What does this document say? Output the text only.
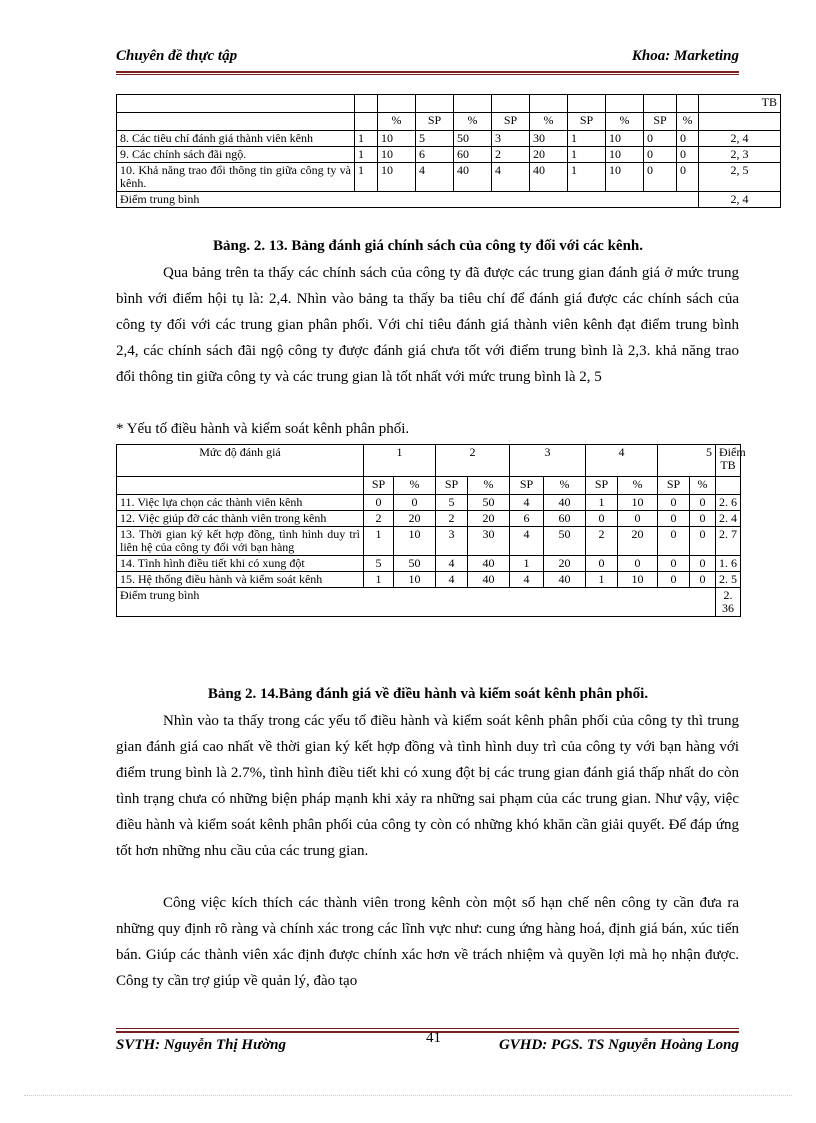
Chuyên đề thực tập	Khoa: Marketing
											TB
		%	SP	%	SP	%	SP	%	SP	%	
8. Các tiêu chí đánh giá thành viên kênh	1	10	5	50	3	30	1	10	0	0	2, 4
9. Các chính sách đãi ngộ.	1	10	6	60	2	20	1	10	0	0	2, 3
10. Khả năng trao đổi thông tin giữa công ty và kênh.	1	10	4	40	4	40	1	10	0	0	2, 5
Điểm trung bình											2, 4
Bảng. 2. 13. Bảng đánh giá chính sách của công ty đối với các kênh.

Qua bảng trên ta thấy các chính sách của công ty đã được các trung gian đánh giá ở mức trung bình với điểm hội tụ là: 2,4. Nhìn vào bảng ta thấy ba tiêu chí để đánh giá được các chính sách của công ty đối với các trung gian phân phối. Với chỉ tiêu đánh giá thành viên kênh đạt điểm trung bình 2,4, các chính sách đãi ngộ công ty được đánh giá chưa tốt với điểm trung bình là 2,3. khả năng trao đổi thông tin giữa công ty và các trung gian là tốt nhất với mức trung bình là 2, 5

* Yếu tố điều hành và kiểm soát kênh phân phối.

Mức độ đánh giá	1		2		3		4		5		Điểm TB
	SP	%	SP	%	SP	%	SP	%	SP	%	
11. Việc lựa chọn các thành viên kênh	0	0	5	50	4	40	1	10	0	0	2. 6
12. Việc giúp đỡ các thành viên trong kênh	2	20	2	20	6	60	0	0	0	0	2. 4
13. Thời gian ký kết hợp đồng, tình hình duy trì liên hệ của công ty đối với bạn hàng	1	10	3	30	4	50	2	20	0	0	2. 7
14. Tình hình điều tiết khi có xung đột	5	50	4	40	1	20	0	0	0	0	1. 6
15. Hệ thống điều hành và kiểm soát kênh	1	10	4	40	4	40	1	10	0	0	2. 5
Điểm trung bình											2. 36
Bảng 2. 14.Bảng đánh giá về điều hành và kiểm soát kênh phân phối.

Nhìn vào ta thấy trong các yếu tố điều hành và kiểm soát kênh phân phối của công ty thì trung gian đánh giá cao nhất về thời gian ký kết hợp đồng và tình hình duy trì của công ty với bạn hàng với điểm trung bình là 2.7%, tình hình điều tiết khi có xung đột bị các trung gian đánh giá thấp nhất do còn tình trạng chưa có những biện pháp mạnh khi xảy ra những sai phạm của các trung gian. Như vậy, việc điều hành và kiểm soát kênh phân phối của công ty còn có những khó khăn cần giải quyết. Để đáp ứng tốt hơn những nhu cầu của các trung gian.

Công việc kích thích các thành viên trong kênh còn một số hạn chế nên công ty cần đưa ra những quy định rõ ràng và chính xác trong các lĩnh vực như: cung ứng hàng hoá, định giá bán, xúc tiến bán. Giúp các thành viên xác định được chính xác hơn về trách nhiệm và quyền lợi mà họ nhận được. Công ty cần trợ giúp về quản lý, đào tạo

41
SVTH: Nguyễn Thị Hường	GVHD: PGS. TS Nguyễn Hoàng Long
